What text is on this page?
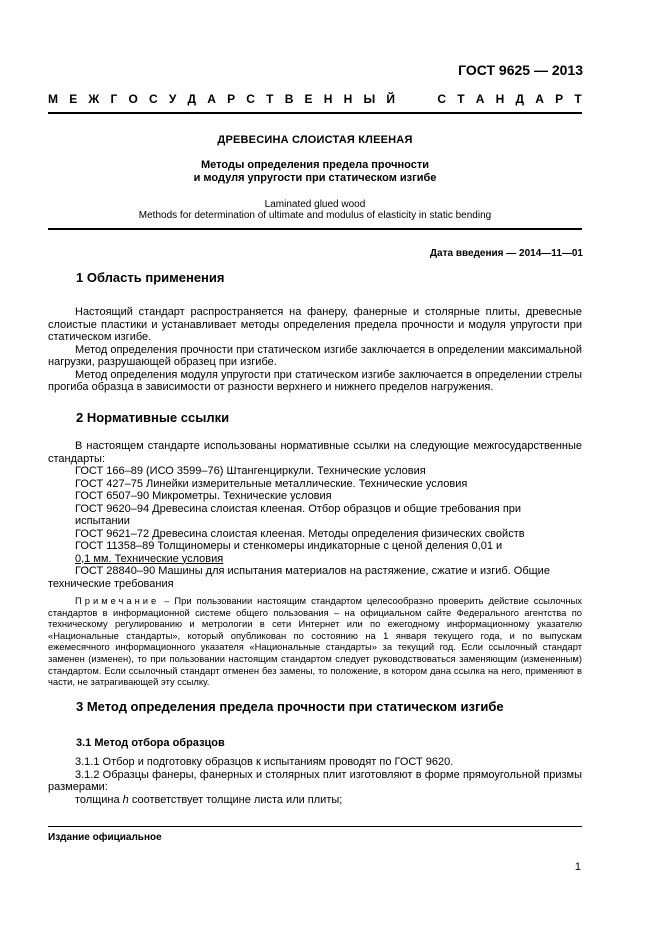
ГОСТ 9625 — 2013
М Е Ж Г О С У Д А Р С Т В Е Н Н Ы Й	С Т А Н Д А Р Т
ДРЕВЕСИНА СЛОИСТАЯ КЛЕЕНАЯ
Методы определения предела прочности
и модуля упругости при статическом изгибе
Laminated glued wood
Methods for determination of ultimate and modulus of elasticity in static bending
Дата введения — 2014—11—01
1 Область применения

Настоящий стандарт распространяется на фанеру, фанерные и столярные плиты, древесные слоистые пластики и устанавливает методы определения предела прочности и модуля упругости при статическом изгибе.

Метод определения прочности при статическом изгибе заключается в определении максимальной нагрузки, разрушающей образец при изгибе.

Метод определения модуля упругости при статическом изгибе заключается в определении стрелы прогиба образца в зависимости от разности верхнего и нижнего пределов нагружения.

2 Нормативные ссылки

В настоящем стандарте использованы нормативные ссылки на следующие межгосударственные стандарты:

ГОСТ 166–89 (ИСО 3599–76) Штангенциркули. Технические условия

ГОСТ 427–75 Линейки измерительные металлические. Технические условия

ГОСТ 6507–90 Микрометры. Технические условия

ГОСТ 9620–94 Древесина слоистая клееная. Отбор образцов и общие требования при

испытании

ГОСТ 9621–72 Древесина слоистая клееная. Методы определения физических свойств

ГОСТ 11358–89 Толщиномеры и стенкомеры индикаторные с ценой деления 0,01 и

0,1 мм. Технические условия

ГОСТ 28840–90 Машины для испытания материалов на растяжение, сжатие и изгиб. Общие

технические требования

Примечание – При пользовании настоящим стандартом целесообразно проверить действие ссылочных стандартов в информационной системе общего пользования – на официальном сайте Федерального агентства по техническому регулированию и метрологии в сети Интернет или по ежегодному информационному указателю «Национальные стандарты», который опубликован по состоянию на 1 января текущего года, и по выпускам ежемесячного информационного указателя «Национальные стандарты» за текущий год. Если ссылочный стандарт заменен (изменен), то при пользовании настоящим стандартом следует руководствоваться заменяющим (измененным) стандартом. Если ссылочный стандарт отменен без замены, то положение, в котором дана ссылка на него, применяют в части, не затрагивающей эту ссылку.

3 Метод определения предела прочности при статическом изгибе
3.1 Метод отбора образцов

3.1.1 Отбор и подготовку образцов к испытаниям проводят по ГОСТ 9620.

3.1.2 Образцы фанеры, фанерных и столярных плит изготовляют в форме прямоугольной призмы размерами:

толщина h соответствует толщине листа или плиты;

Издание официальное
1
